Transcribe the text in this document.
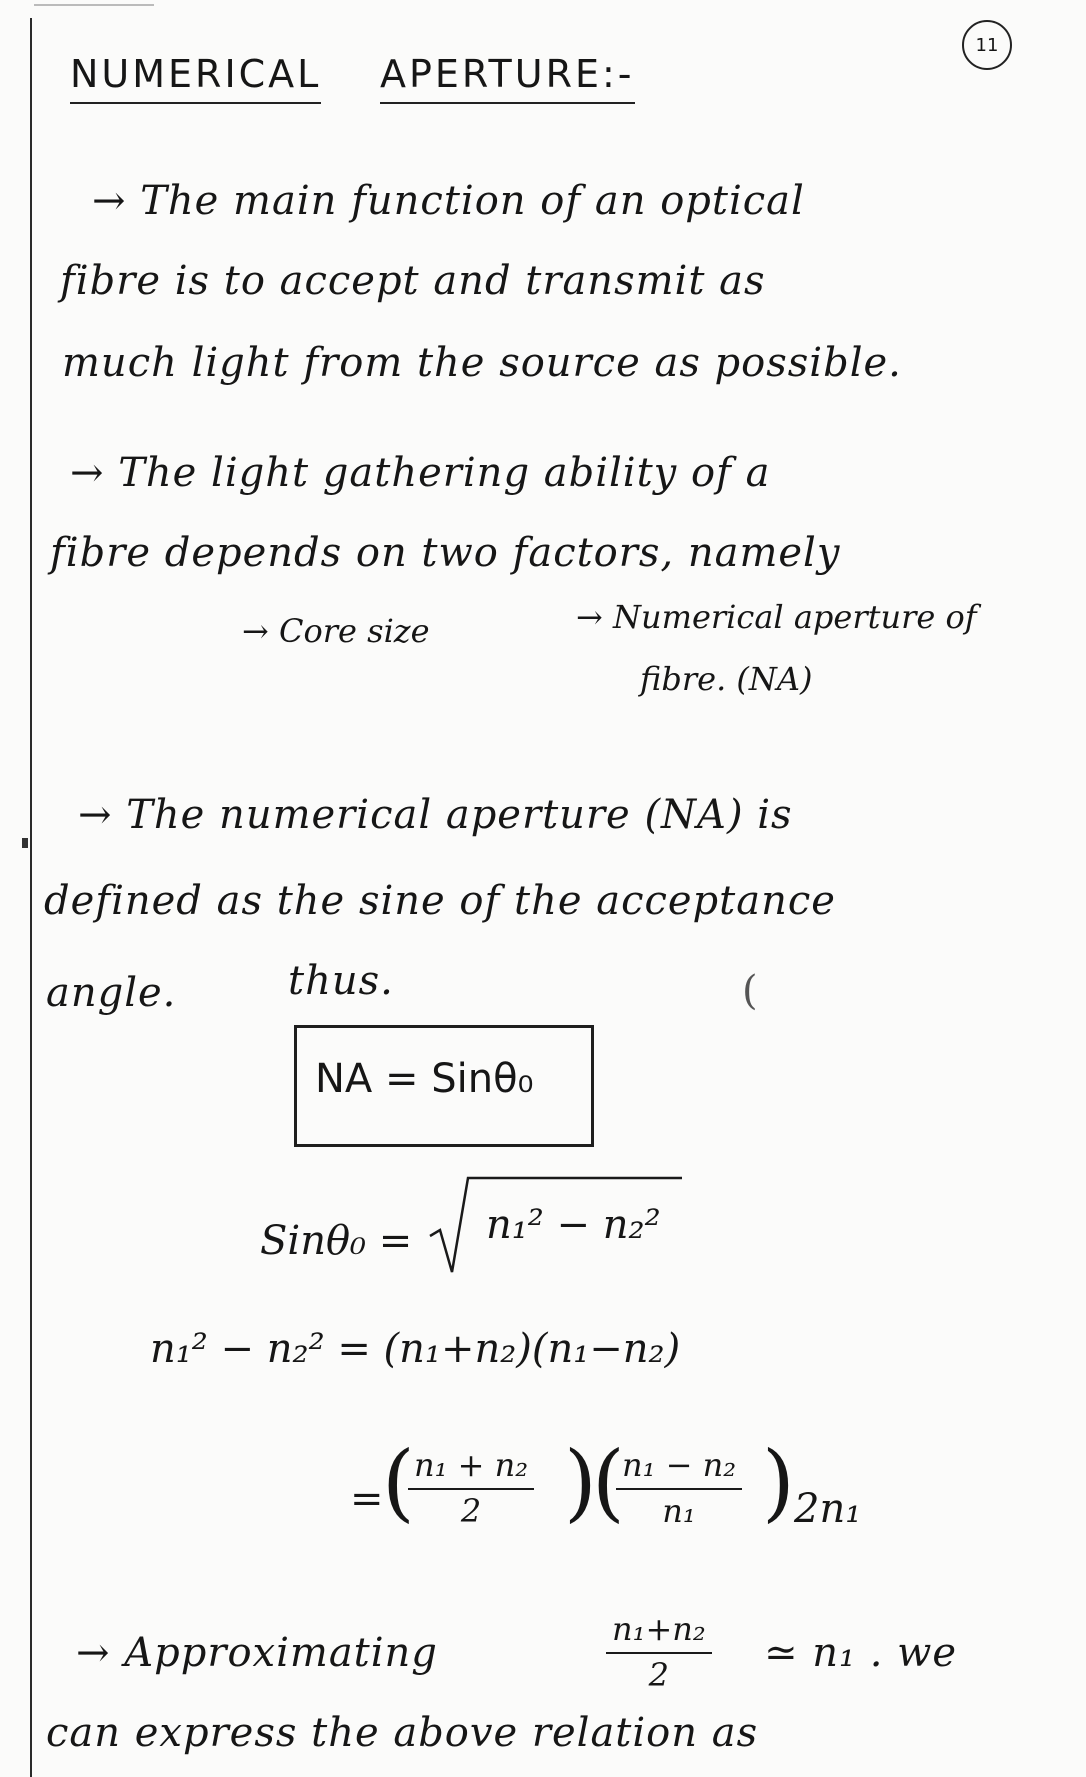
11
NUMERICAL APERTURE:-
→ The main function of an optical
fibre is to accept and transmit as
much light from the source as possible.
→ The light gathering ability of a
fibre depends on two factors, namely
→ Core size	→ Numerical aperture of
fibre. (NA)
→ The numerical aperture (NA) is
defined as the sine of the acceptance
angle.	thus.	(
NA = Sinθ₀
Sinθ₀ = n₁² − n₂²
n₁² − n₂² = (n₁+n₂)(n₁−n₂)
=
(
$\frac{\text{n₁ + n₂}}{2}$ )
(
$\frac{\text{n₁ − n₂}}{\text{n₁}}$ ) 2n₁
→ Approximating	$\frac{\text{n₁+n₂}}{2}$ ≃ n₁ . we
can express the above relation as
